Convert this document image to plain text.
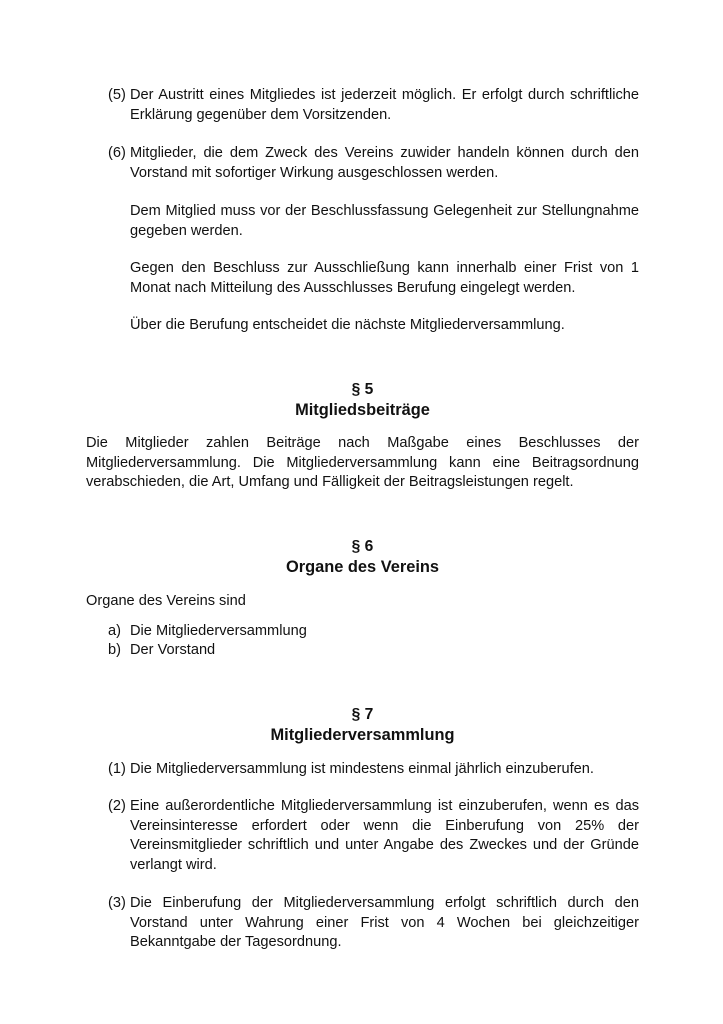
(5) Der Austritt eines Mitgliedes ist jederzeit möglich. Er erfolgt durch schriftliche Erklärung gegenüber dem Vorsitzenden.
(6) Mitglieder, die dem Zweck des Vereins zuwider handeln können durch den Vorstand mit sofortiger Wirkung ausgeschlossen werden.

Dem Mitglied muss vor der Beschlussfassung Gelegenheit zur Stellungnahme gegeben werden.

Gegen den Beschluss zur Ausschließung kann innerhalb einer Frist von 1 Monat nach Mitteilung des Ausschlusses Berufung eingelegt werden.

Über die Berufung entscheidet die nächste Mitgliederversammlung.

§ 5
Mitgliedsbeiträge

Die Mitglieder zahlen Beiträge nach Maßgabe eines Beschlusses der Mitgliederversammlung. Die Mitgliederversammlung kann eine Beitragsordnung verabschieden, die Art, Umfang und Fälligkeit der Beitragsleistungen regelt.

§ 6
Organe des Vereins

Organe des Vereins sind

a) Die Mitgliederversammlung
b) Der Vorstand
§ 7
Mitgliederversammlung
(1) Die Mitgliederversammlung ist mindestens einmal jährlich einzuberufen.
(2) Eine außerordentliche Mitgliederversammlung ist einzuberufen, wenn es das Vereinsinteresse erfordert oder wenn die Einberufung von 25% der Vereinsmitglieder schriftlich und unter Angabe des Zweckes und der Gründe verlangt wird.
(3) Die Einberufung der Mitgliederversammlung erfolgt schriftlich durch den Vorstand unter Wahrung einer Frist von 4 Wochen bei gleichzeitiger Bekanntgabe der Tagesordnung.
